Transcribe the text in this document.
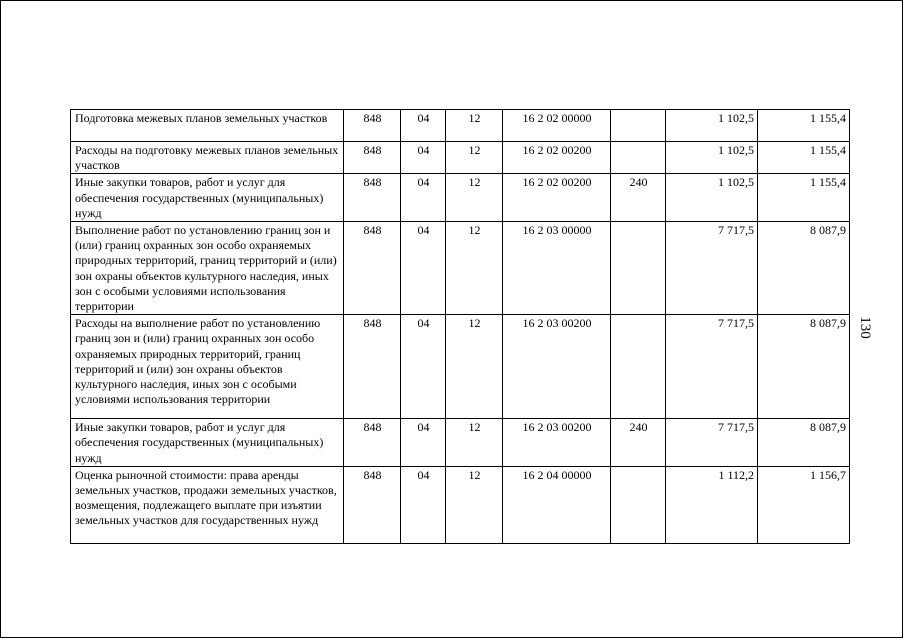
Подготовка межевых планов земельных участков	848	04	12	16 2 02 00000		1 102,5	1 155,4
Расходы на подготовку межевых планов земельных участков	848	04	12	16 2 02 00200		1 102,5	1 155,4
Иные закупки товаров, работ и услуг для обеспечения государственных (муниципальных) нужд	848	04	12	16 2 02 00200	240	1 102,5	1 155,4
Выполнение работ по установлению границ зон и (или) границ охранных зон особо охраняемых природных территорий, границ территорий и (или) зон охраны объектов культурного наследия, иных зон с особыми условиями использования территории	848	04	12	16 2 03 00000		7 717,5	8 087,9
Расходы на выполнение работ по установлению границ зон и (или) границ охранных зон особо охраняемых природных территорий, границ территорий и (или) зон охраны объектов культурного наследия, иных зон с особыми условиями использования территории	848	04	12	16 2 03 00200		7 717,5	8 087,9
Иные закупки товаров, работ и услуг для обеспечения государственных (муниципальных) нужд	848	04	12	16 2 03 00200	240	7 717,5	8 087,9
Оценка рыночной стоимости: права аренды земельных участков, продажи земельных участков, возмещения, подлежащего выплате при изъятии земельных участков для государственных нужд	848	04	12	16 2 04 00000		1 112,2	1 156,7
130
